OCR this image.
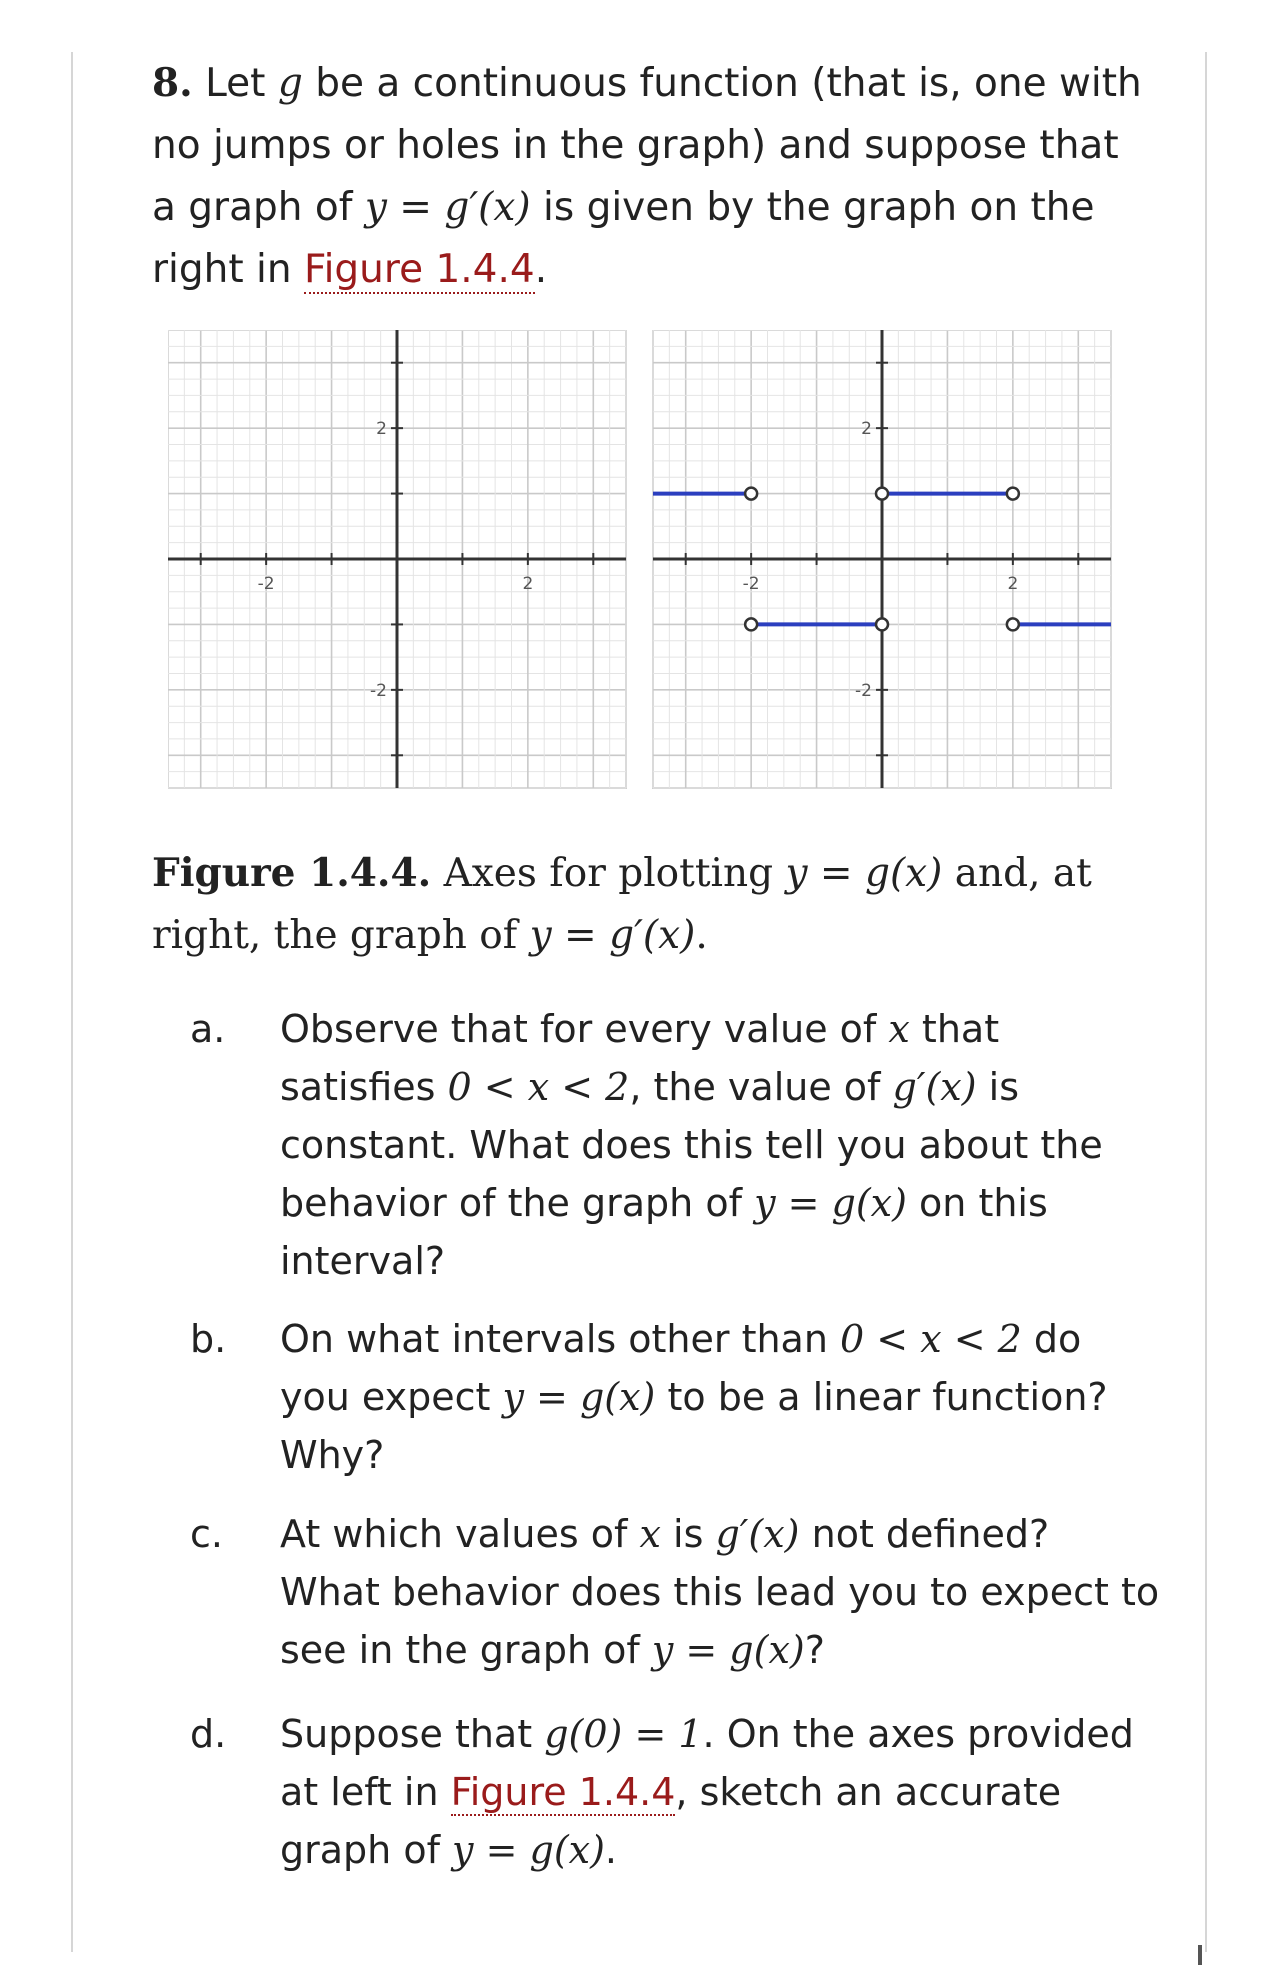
8. Let g be a continuous function (that is, one with no jumps or holes in the graph) and suppose that a graph of y = g′(x) is given by the graph on the right in Figure 1.4.4.
-2	2
2
-2
-2	2
2
-2
Figure 1.4.4. Axes for plotting y = g(x) and, at right, the graph of y = g′(x).
a.	Observe that for every value of x that satisfies 0 < x < 2, the value of g′(x) is constant. What does this tell you about the behavior of the graph of y = g(x) on this interval?
b.	On what intervals other than 0 < x < 2 do you expect y = g(x) to be a linear function? Why?
c.	At which values of x is g′(x) not defined? What behavior does this lead you to expect to see in the graph of y = g(x)?
d.	Suppose that g(0) = 1. On the axes provided at left in Figure 1.4.4, sketch an accurate graph of y = g(x).
